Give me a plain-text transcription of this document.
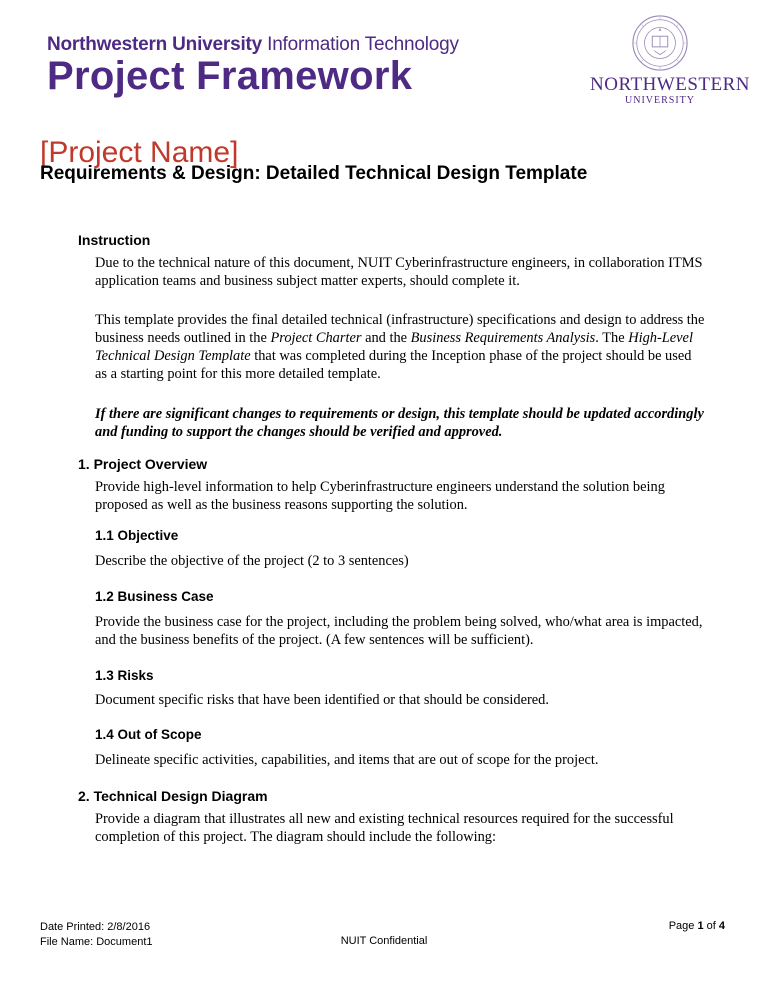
Northwestern University Information Technology
Project Framework	NORTHWESTERN
UNIVERSITY
[Project Name]
Requirements & Design: Detailed Technical Design Template
Instruction
Due to the technical nature of this document, NUIT Cyberinfrastructure engineers, in collaboration ITMS application teams and business subject matter experts, should complete it.
This template provides the final detailed technical (infrastructure) specifications and design to address the business needs outlined in the Project Charter and the Business Requirements Analysis. The High-Level Technical Design Template that was completed during the Inception phase of the project should be used as a starting point for this more detailed template.
If there are significant changes to requirements or design, this template should be updated accordingly and funding to support the changes should be verified and approved.
1. Project Overview
Provide high-level information to help Cyberinfrastructure engineers understand the solution being proposed as well as the business reasons supporting the solution.
1.1 Objective
Describe the objective of the project (2 to 3 sentences)
1.2 Business Case
Provide the business case for the project, including the problem being solved, who/what area is impacted, and the business benefits of the project. (A few sentences will be sufficient).
1.3 Risks
Document specific risks that have been identified or that should be considered.
1.4 Out of Scope
Delineate specific activities, capabilities, and items that are out of scope for the project.
2. Technical Design Diagram
Provide a diagram that illustrates all new and existing technical resources required for the successful completion of this project. The diagram should include the following:
Date Printed: 2/8/2016
File Name: Document1	NUIT Confidential
Page 1 of 4
